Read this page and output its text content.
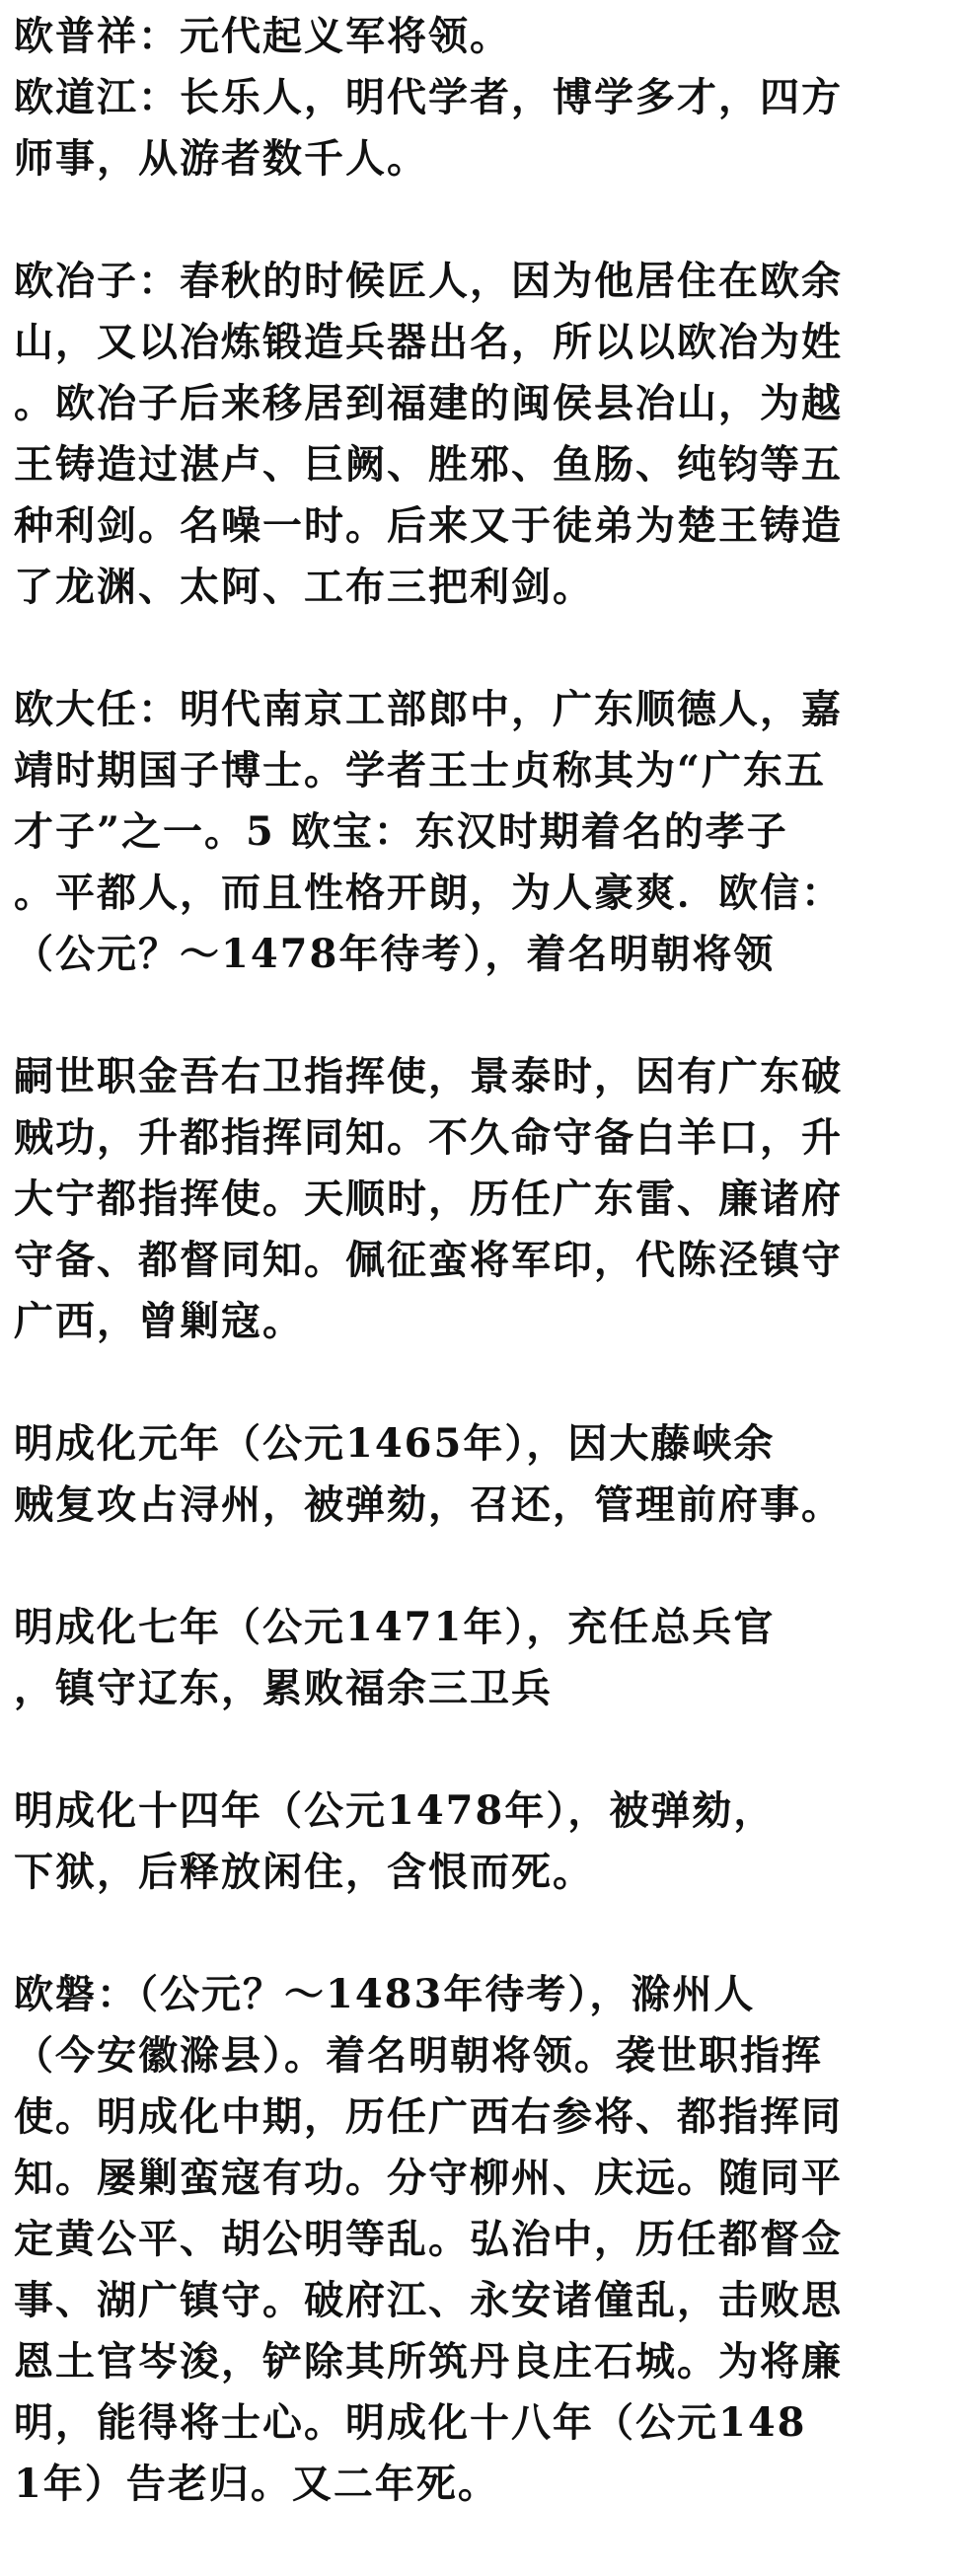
欧普祥：元代起义军将领。
欧道江：长乐人，明代学者，博学多才，四方
师事，从游者数千人。
欧冶子：春秋的时候匠人，因为他居住在欧余
山，又以冶炼锻造兵器出名，所以以欧冶为姓
。欧冶子后来移居到福建的闽侯县冶山，为越
王铸造过湛卢、巨阙、胜邪、鱼肠、纯钧等五
种利剑。名噪一时。后来又于徒弟为楚王铸造
了龙渊、太阿、工布三把利剑。
欧大任：明代南京工部郎中，广东顺德人，嘉
靖时期国子博士。学者王士贞称其为“广东五
才子”之一。5 欧宝：东汉时期着名的孝子
。平都人，而且性格开朗，为人豪爽．欧信：
（公元？～1478年待考），着名明朝将领
嗣世职金吾右卫指挥使，景泰时，因有广东破
贼功，升都指挥同知。不久命守备白羊口，升
大宁都指挥使。天顺时，历任广东雷、廉诸府
守备、都督同知。佩征蛮将军印，代陈泾镇守
广西，曾剿寇。
明成化元年（公元1465年），因大藤峡余
贼复攻占浔州，被弹劾，召还，管理前府事。
明成化七年（公元1471年），充任总兵官
，镇守辽东，累败福余三卫兵
明成化十四年（公元1478年），被弹劾，
下狱，后释放闲住，含恨而死。
欧磐：（公元？～1483年待考），滁州人
（今安徽滁县）。着名明朝将领。袭世职指挥
使。明成化中期，历任广西右参将、都指挥同
知。屡剿蛮寇有功。分守柳州、庆远。随同平
定黄公平、胡公明等乱。弘治中，历任都督佥
事、湖广镇守。破府江、永安诸僮乱，击败思
恩土官岑浚，铲除其所筑丹良庄石城。为将廉
明，能得将士心。明成化十八年（公元148
1年）告老归。又二年死。
